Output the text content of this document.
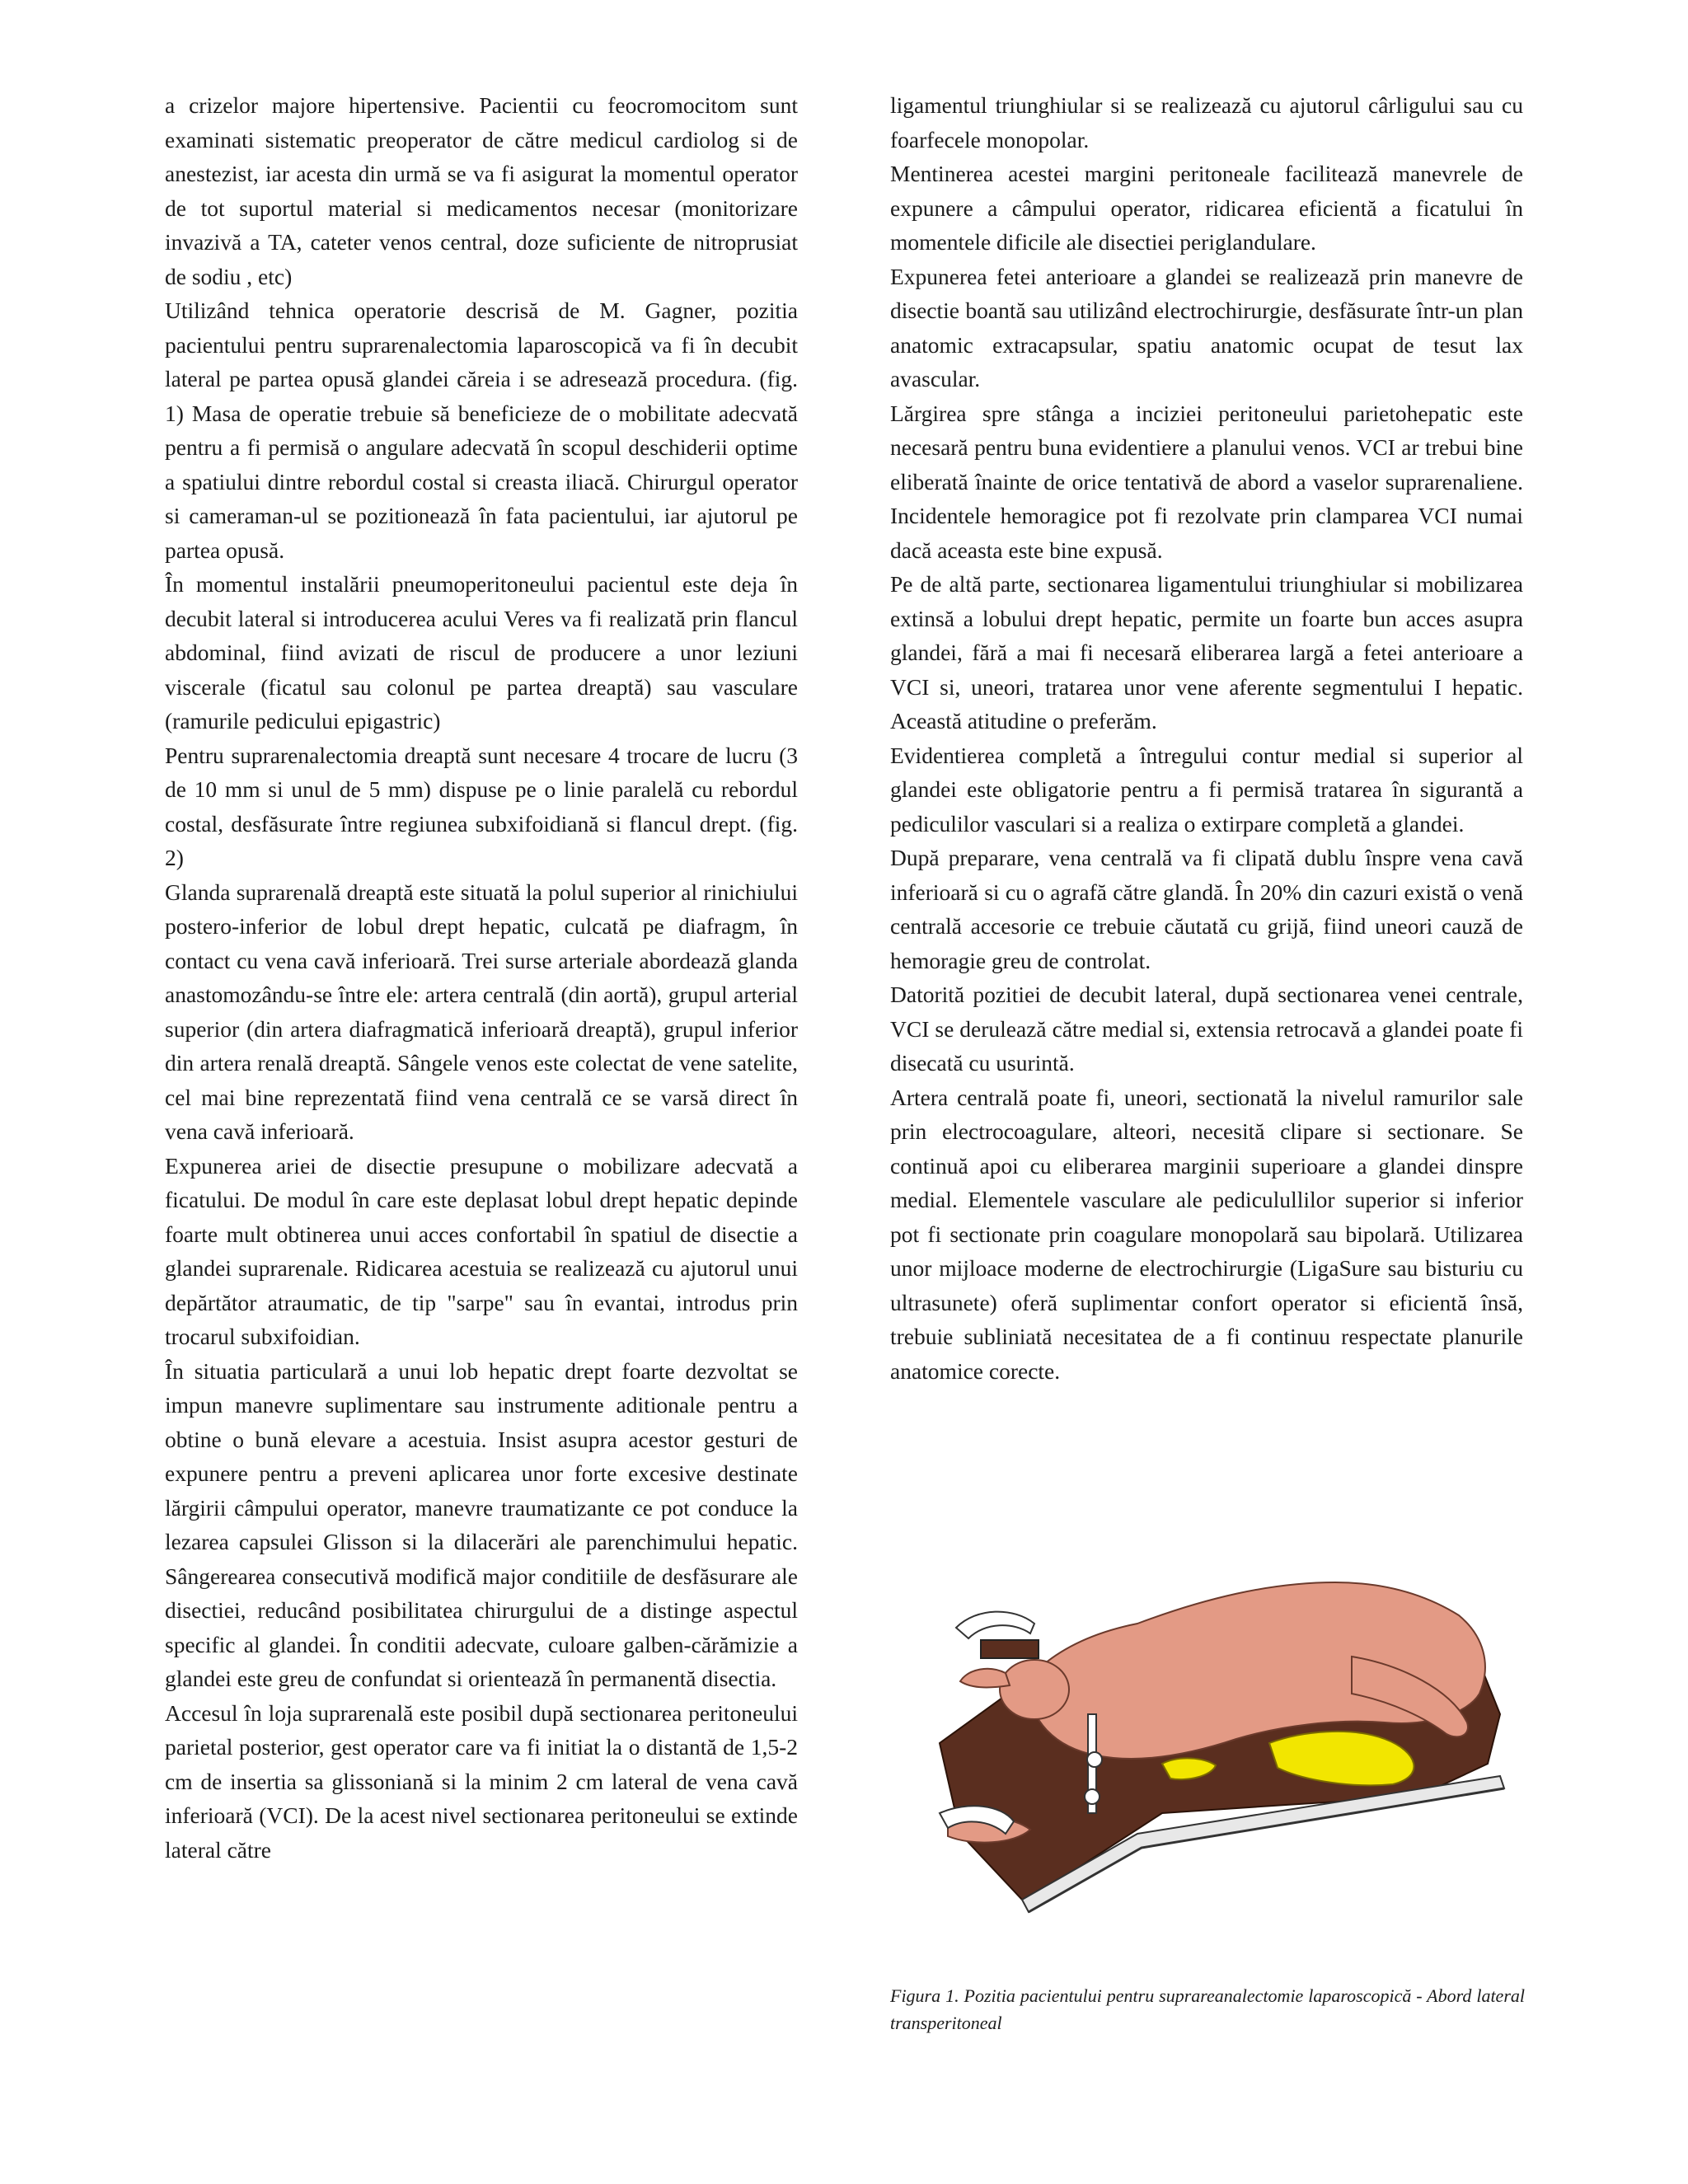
a crizelor majore hipertensive. Pacientii cu feocromocitom sunt examinati sistematic preoperator de către medicul cardiolog si de anestezist, iar acesta din urmă se va fi asigurat la momentul operator de tot suportul material si medicamentos necesar (monitorizare invazivă a TA, cateter venos central, doze suficiente de nitroprusiat de sodiu , etc)

Utilizând tehnica operatorie descrisă de M. Gagner, pozitia pacientului pentru suprarenalectomia laparoscopică va fi în decubit lateral pe partea opusă glandei căreia i se adresează procedura. (fig. 1) Masa de operatie trebuie să beneficieze de o mobilitate adecvată pentru a fi permisă o angulare adecvată în scopul deschiderii optime a spatiului dintre rebordul costal si creasta iliacă. Chirurgul operator si cameraman-ul se pozitionează în fata pacientului, iar ajutorul pe partea opusă.

În momentul instalării pneumoperitoneului pacientul este deja în decubit lateral si introducerea acului Veres va fi realizată prin flancul abdominal, fiind avizati de riscul de producere a unor leziuni viscerale (ficatul sau colonul pe partea dreaptă) sau vasculare (ramurile pedicului epigastric)

Pentru suprarenalectomia dreaptă sunt necesare 4 trocare de lucru (3 de 10 mm si unul de 5 mm) dispuse pe o linie paralelă cu rebordul costal, desfăsurate între regiunea subxifoidiană si flancul drept. (fig. 2)

Glanda suprarenală dreaptă este situată la polul superior al rinichiului postero-inferior de lobul drept hepatic, culcată pe diafragm, în contact cu vena cavă inferioară. Trei surse arteriale abordează glanda anastomozându-se între ele: artera centrală (din aortă), grupul arterial superior (din artera diafragmatică inferioară dreaptă), grupul inferior din artera renală dreaptă. Sângele venos este colectat de vene satelite, cel mai bine reprezentată fiind vena centrală ce se varsă direct în vena cavă inferioară.

Expunerea ariei de disectie presupune o mobilizare adecvată a ficatului. De modul în care este deplasat lobul drept hepatic depinde foarte mult obtinerea unui acces confortabil în spatiul de disectie a glandei suprarenale. Ridicarea acestuia se realizează cu ajutorul unui depărtător atraumatic, de tip "sarpe" sau în evantai, introdus prin trocarul subxifoidian.

În situatia particulară a unui lob hepatic drept foarte dezvoltat se impun manevre suplimentare sau instrumente aditionale pentru a obtine o bună elevare a acestuia. Insist asupra acestor gesturi de expunere pentru a preveni aplicarea unor forte excesive destinate lărgirii câmpului operator, manevre traumatizante ce pot conduce la lezarea capsulei Glisson si la dilacerări ale parenchimului hepatic. Sângerearea consecutivă modifică major conditiile de desfăsurare ale disectiei, reducând posibilitatea chirurgului de a distinge aspectul specific al glandei. În conditii adecvate, culoare galben-cărămizie a glandei este greu de confundat si orientează în permanentă disectia.

Accesul în loja suprarenală este posibil după sectionarea peritoneului parietal posterior, gest operator care va fi initiat la o distantă de 1,5-2 cm de insertia sa glissoniană si la minim 2 cm lateral de vena cavă inferioară (VCI). De la acest nivel sectionarea peritoneului se extinde lateral către

ligamentul triunghiular si se realizează cu ajutorul cârligului sau cu foarfecele monopolar.

Mentinerea acestei margini peritoneale facilitează manevrele de expunere a câmpului operator, ridicarea eficientă a ficatului în momentele dificile ale disectiei periglandulare.

Expunerea fetei anterioare a glandei se realizează prin manevre de disectie boantă sau utilizând electrochirurgie, desfăsurate într-un plan anatomic extracapsular, spatiu anatomic ocupat de tesut lax avascular.

Lărgirea spre stânga a inciziei peritoneului parietohepatic este necesară pentru buna evidentiere a planului venos. VCI ar trebui bine eliberată înainte de orice tentativă de abord a vaselor suprarenaliene. Incidentele hemoragice pot fi rezolvate prin clamparea VCI numai dacă aceasta este bine expusă.

Pe de altă parte, sectionarea ligamentului triunghiular si mobilizarea extinsă a lobului drept hepatic, permite un foarte bun acces asupra glandei, fără a mai fi necesară eliberarea largă a fetei anterioare a VCI si, uneori, tratarea unor vene aferente segmentului I hepatic. Această atitudine o preferăm.

Evidentierea completă a întregului contur medial si superior al glandei este obligatorie pentru a fi permisă tratarea în sigurantă a pediculilor vasculari si a realiza o extirpare completă a glandei.

După preparare, vena centrală va fi clipată dublu înspre vena cavă inferioară si cu o agrafă către glandă. În 20% din cazuri există o venă centrală accesorie ce trebuie căutată cu grijă, fiind uneori cauză de hemoragie greu de controlat.

Datorită pozitiei de decubit lateral, după sectionarea venei centrale, VCI se derulează către medial si, extensia retrocavă a glandei poate fi disecată cu usurintă.

Artera centrală poate fi, uneori, sectionată la nivelul ramurilor sale prin electrocoagulare, alteori, necesită clipare si sectionare. Se continuă apoi cu eliberarea marginii superioare a glandei dinspre medial. Elementele vasculare ale pediculullilor superior si inferior pot fi sectionate prin coagulare monopolară sau bipolară. Utilizarea unor mijloace moderne de electrochirurgie (LigaSure sau bisturiu cu ultrasunete) oferă suplimentar confort operator si eficientă însă, trebuie subliniată necesitatea de a fi continuu respectate planurile anatomice corecte.

Figura 1. Pozitia pacientului pentru suprareanalectomie laparoscopică - Abord lateral transperitoneal
